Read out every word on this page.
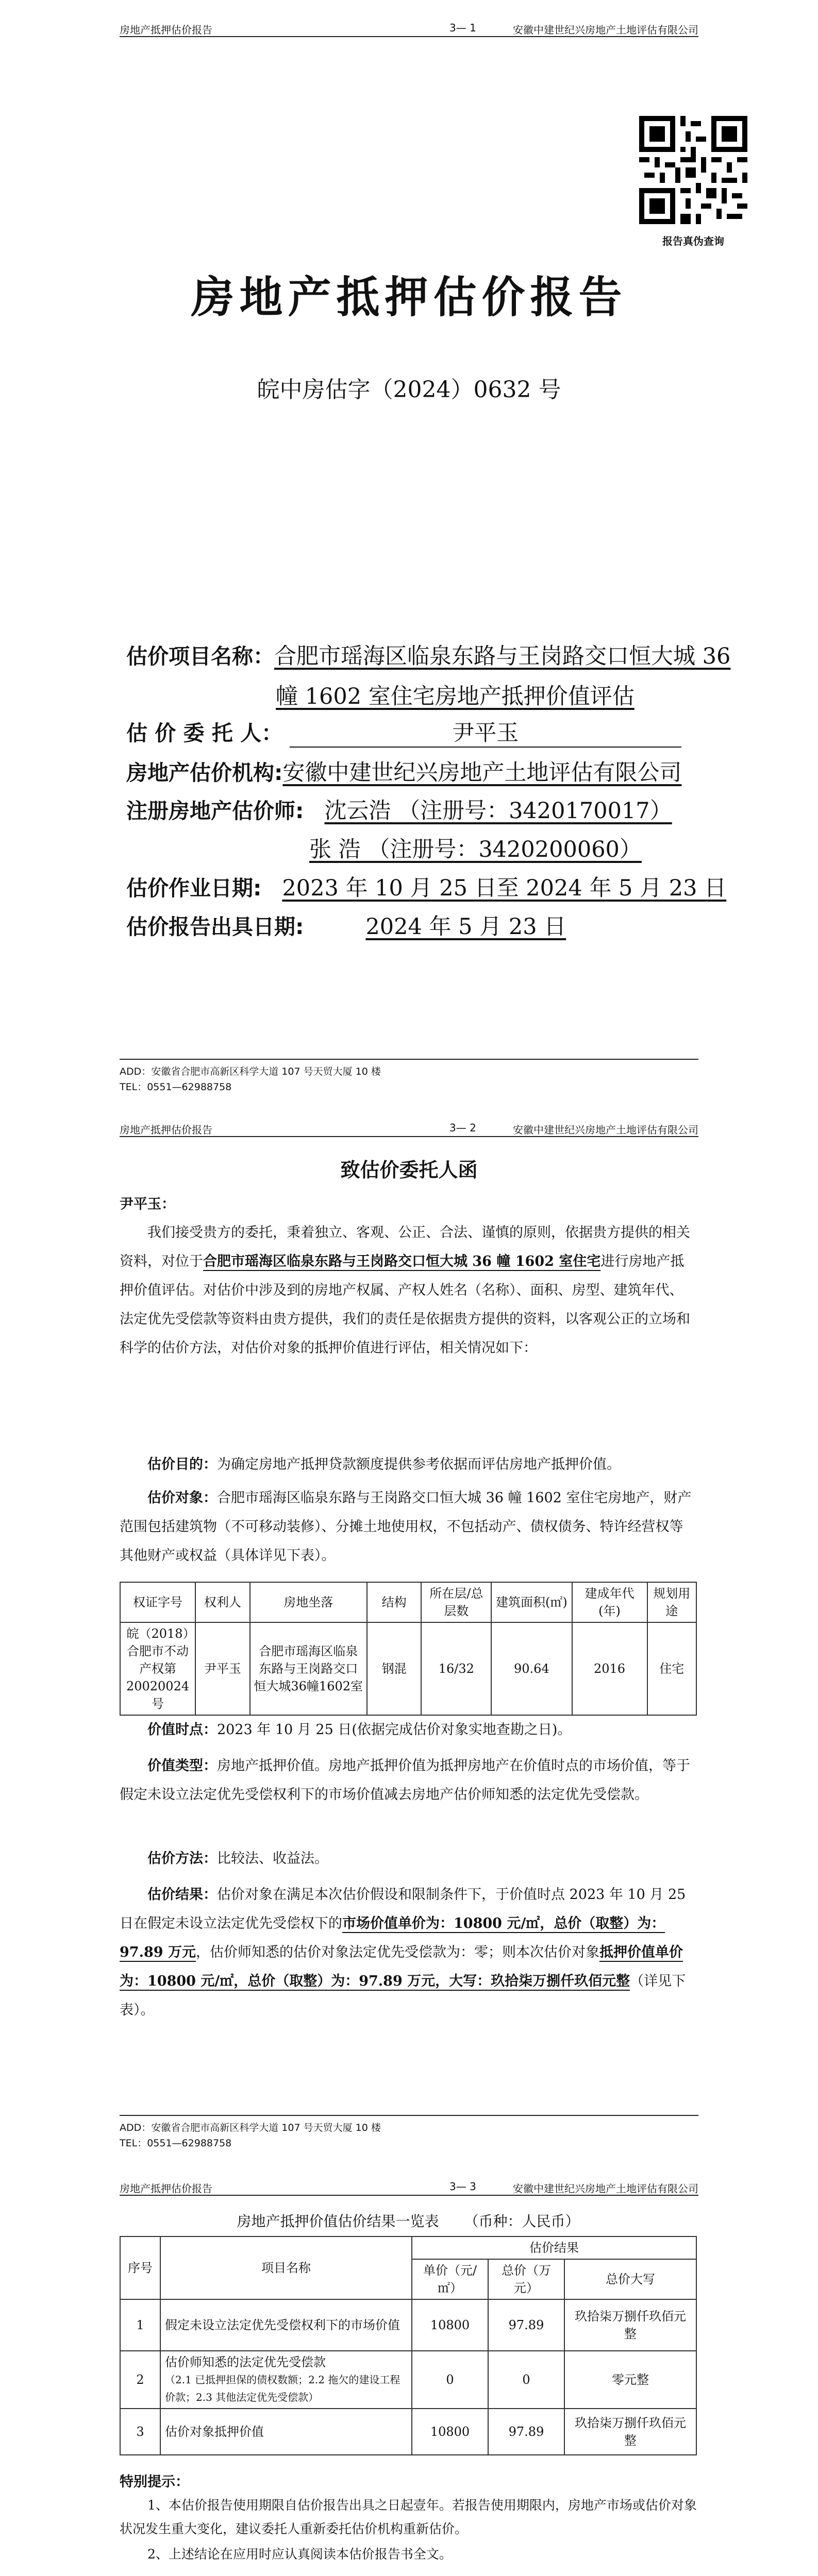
房地产抵押估价报告	3— 1	安徽中建世纪兴房地产土地评估有限公司
报告真伪查询
房地产抵押估价报告
皖中房估字（2024）0632 号
估价项目名称：合肥市瑶海区临泉东路与王岗路交口恒大城 36
幢 1602 室住宅房地产抵押价值评估
估 价 委 托 人：	尹平玉
房地产估价机构:安徽中建世纪兴房地产土地评估有限公司
注册房地产估价师: 沈云浩 （注册号：3420170017）
张 浩 （注册号：3420200060）
估价作业日期: 2023 年 10 月 25 日至 2024 年 5 月 23 日
估价报告出具日期:	2024 年 5 月 23 日
ADD：安徽省合肥市高新区科学大道 107 号天贸大厦 10 楼
TEL：0551—62988758
房地产抵押估价报告	3— 2	安徽中建世纪兴房地产土地评估有限公司
致估价委托人函
尹平玉：
我们接受贵方的委托，秉着独立、客观、公正、合法、谨慎的原则，依据贵方提供的相关资料，对位于合肥市瑶海区临泉东路与王岗路交口恒大城 36 幢 1602 室住宅进行房地产抵押价值评估。对估价中涉及到的房地产权属、产权人姓名（名称）、面积、房型、建筑年代、法定优先受偿款等资料由贵方提供，我们的责任是依据贵方提供的资料，以客观公正的立场和科学的估价方法，对估价对象的抵押价值进行评估，相关情况如下：
估价目的：为确定房地产抵押贷款额度提供参考依据而评估房地产抵押价值。
估价对象：合肥市瑶海区临泉东路与王岗路交口恒大城 36 幢 1602 室住宅房地产，财产范围包括建筑物（不可移动装修）、分摊土地使用权，不包括动产、债权债务、特许经营权等其他财产或权益（具体详见下表）。
权证字号	权利人	房地坐落	结构	所在层/总层数	建筑面积(㎡)	建成年代(年)	规划用途
皖（2018）合肥市不动产权第20020024号	尹平玉	合肥市瑶海区临泉东路与王岗路交口恒大城36幢1602室	钢混	16/32	90.64	2016	住宅
价值时点：2023 年 10 月 25 日(依据完成估价对象实地查勘之日)。
价值类型：房地产抵押价值。房地产抵押价值为抵押房地产在价值时点的市场价值，等于假定未设立法定优先受偿权利下的市场价值减去房地产估价师知悉的法定优先受偿款。
估价方法：比较法、收益法。
估价结果：估价对象在满足本次估价假设和限制条件下，于价值时点 2023 年 10 月 25 日在假定未设立法定优先受偿权下的市场价值单价为：10800 元/㎡，总价（取整）为：97.89 万元，估价师知悉的估价对象法定优先受偿款为：零；则本次估价对象抵押价值单价为：10800 元/㎡，总价（取整）为：97.89 万元，大写：玖拾柒万捌仟玖佰元整（详见下表）。
ADD：安徽省合肥市高新区科学大道 107 号天贸大厦 10 楼
TEL：0551—62988758
房地产抵押估价报告	3— 3	安徽中建世纪兴房地产土地评估有限公司
房地产抵押价值估价结果一览表 （币种：人民币）
序号	项目名称	估价结果		
		单价（元/㎡）	总价（万元）	总价大写
1	假定未设立法定优先受偿权利下的市场价值	10800	97.89	玖拾柒万捌仟玖佰元整
2	估价师知悉的法定优先受偿款
（2.1 已抵押担保的债权数额；2.2 拖欠的建设工程价款；2.3 其他法定优先受偿款）	0	0	零元整
3	估价对象抵押价值	10800	97.89	玖拾柒万捌仟玖佰元整
特别提示：
1、本估价报告使用期限自估价报告出具之日起壹年。若报告使用期限内，房地产市场或估价对象状况发生重大变化，建议委托人重新委托估价机构重新估价。
2、上述结论在应用时应认真阅读本估价报告书全文。
